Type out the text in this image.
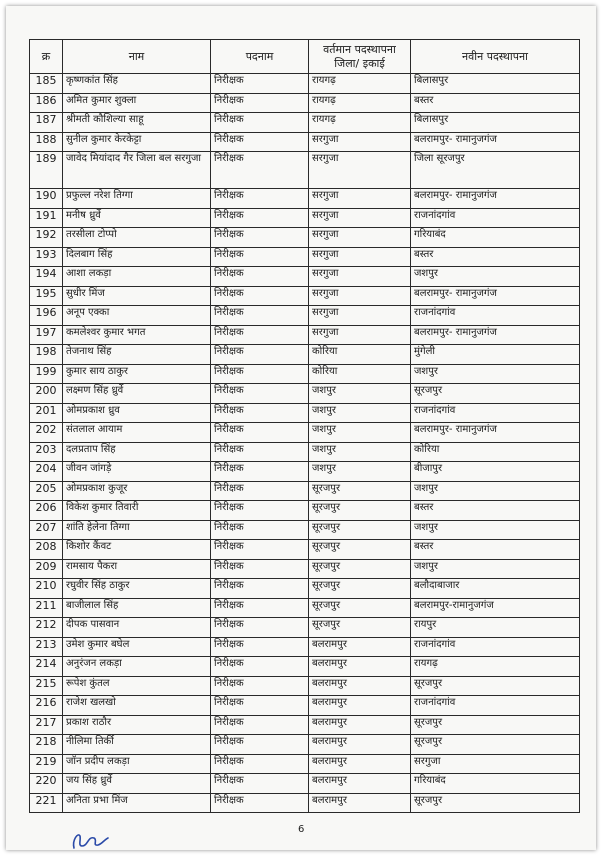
क्र	नाम	पदनाम	वर्तमान पदस्थापना जिला/ इकाई	नवीन पदस्थापना
185	कृष्णकांत सिंह	निरीक्षक	रायगढ़	बिलासपुर
186	अमित कुमार शुक्ला	निरीक्षक	रायगढ़	बस्तर
187	श्रीमती कौशिल्या साहू	निरीक्षक	रायगढ़	बिलासपुर
188	सुनील कुमार केरकेट्टा	निरीक्षक	सरगुजा	बलरामपुर- रामानुजगंज
189	जावेद मियांदाद गैर जिला बल सरगुजा	निरीक्षक	सरगुजा	जिला सूरजपुर
190	प्रफुल्ल नरेश तिग्गा	निरीक्षक	सरगुजा	बलरामपुर- रामानुजगंज
191	मनीष ध्रुर्वे	निरीक्षक	सरगुजा	राजनांदगांव
192	तरसीला टोप्पो	निरीक्षक	सरगुजा	गरियाबंद
193	दिलबाग सिंह	निरीक्षक	सरगुजा	बस्तर
194	आशा लकड़ा	निरीक्षक	सरगुजा	जशपुर
195	सुधीर मिंज	निरीक्षक	सरगुजा	बलरामपुर- रामानुजगंज
196	अनूप एक्का	निरीक्षक	सरगुजा	राजनांदगांव
197	कमलेश्वर कुमार भगत	निरीक्षक	सरगुजा	बलरामपुर- रामानुजगंज
198	तेजनाथ सिंह	निरीक्षक	कोरिया	मुंगेली
199	कुमार साय ठाकुर	निरीक्षक	कोरिया	जशपुर
200	लक्ष्मण सिंह ध्रुर्वे	निरीक्षक	जशपुर	सूरजपुर
201	ओमप्रकाश ध्रुव	निरीक्षक	जशपुर	राजनांदगांव
202	संतलाल आयाम	निरीक्षक	जशपुर	बलरामपुर- रामानुजगंज
203	दलप्रताप सिंह	निरीक्षक	जशपुर	कोरिया
204	जीवन जांगड़े	निरीक्षक	जशपुर	बीजापुर
205	ओमप्रकाश कुजूर	निरीक्षक	सूरजपुर	जशपुर
206	विकेश कुमार तिवारी	निरीक्षक	सूरजपुर	बस्तर
207	शांति हेलेना तिग्गा	निरीक्षक	सूरजपुर	जशपुर
208	किशोर कैंवट	निरीक्षक	सूरजपुर	बस्तर
209	रामसाय पैकरा	निरीक्षक	सूरजपुर	जशपुर
210	रघुवीर सिंह ठाकुर	निरीक्षक	सूरजपुर	बलौदाबाजार
211	बाजीलाल सिंह	निरीक्षक	सूरजपुर	बलरामपुर-रामानुजगंज
212	दीपक पासवान	निरीक्षक	सूरजपुर	रायपुर
213	उमेश कुमार बघेल	निरीक्षक	बलरामपुर	राजनांदगांव
214	अनुरंजन लकड़ा	निरीक्षक	बलरामपुर	रायगढ़
215	रूपेश कुंतल	निरीक्षक	बलरामपुर	सूरजपुर
216	राजेश खलखो	निरीक्षक	बलरामपुर	राजनांदगांव
217	प्रकाश राठौर	निरीक्षक	बलरामपुर	सूरजपुर
218	नीलिमा तिर्की	निरीक्षक	बलरामपुर	सूरजपुर
219	जॉन प्रदीप लकड़ा	निरीक्षक	बलरामपुर	सरगुजा
220	जय सिंह ध्रुर्वे	निरीक्षक	बलरामपुर	गरियाबंद
221	अनिता प्रभा मिंज	निरीक्षक	बलरामपुर	सूरजपुर
6
